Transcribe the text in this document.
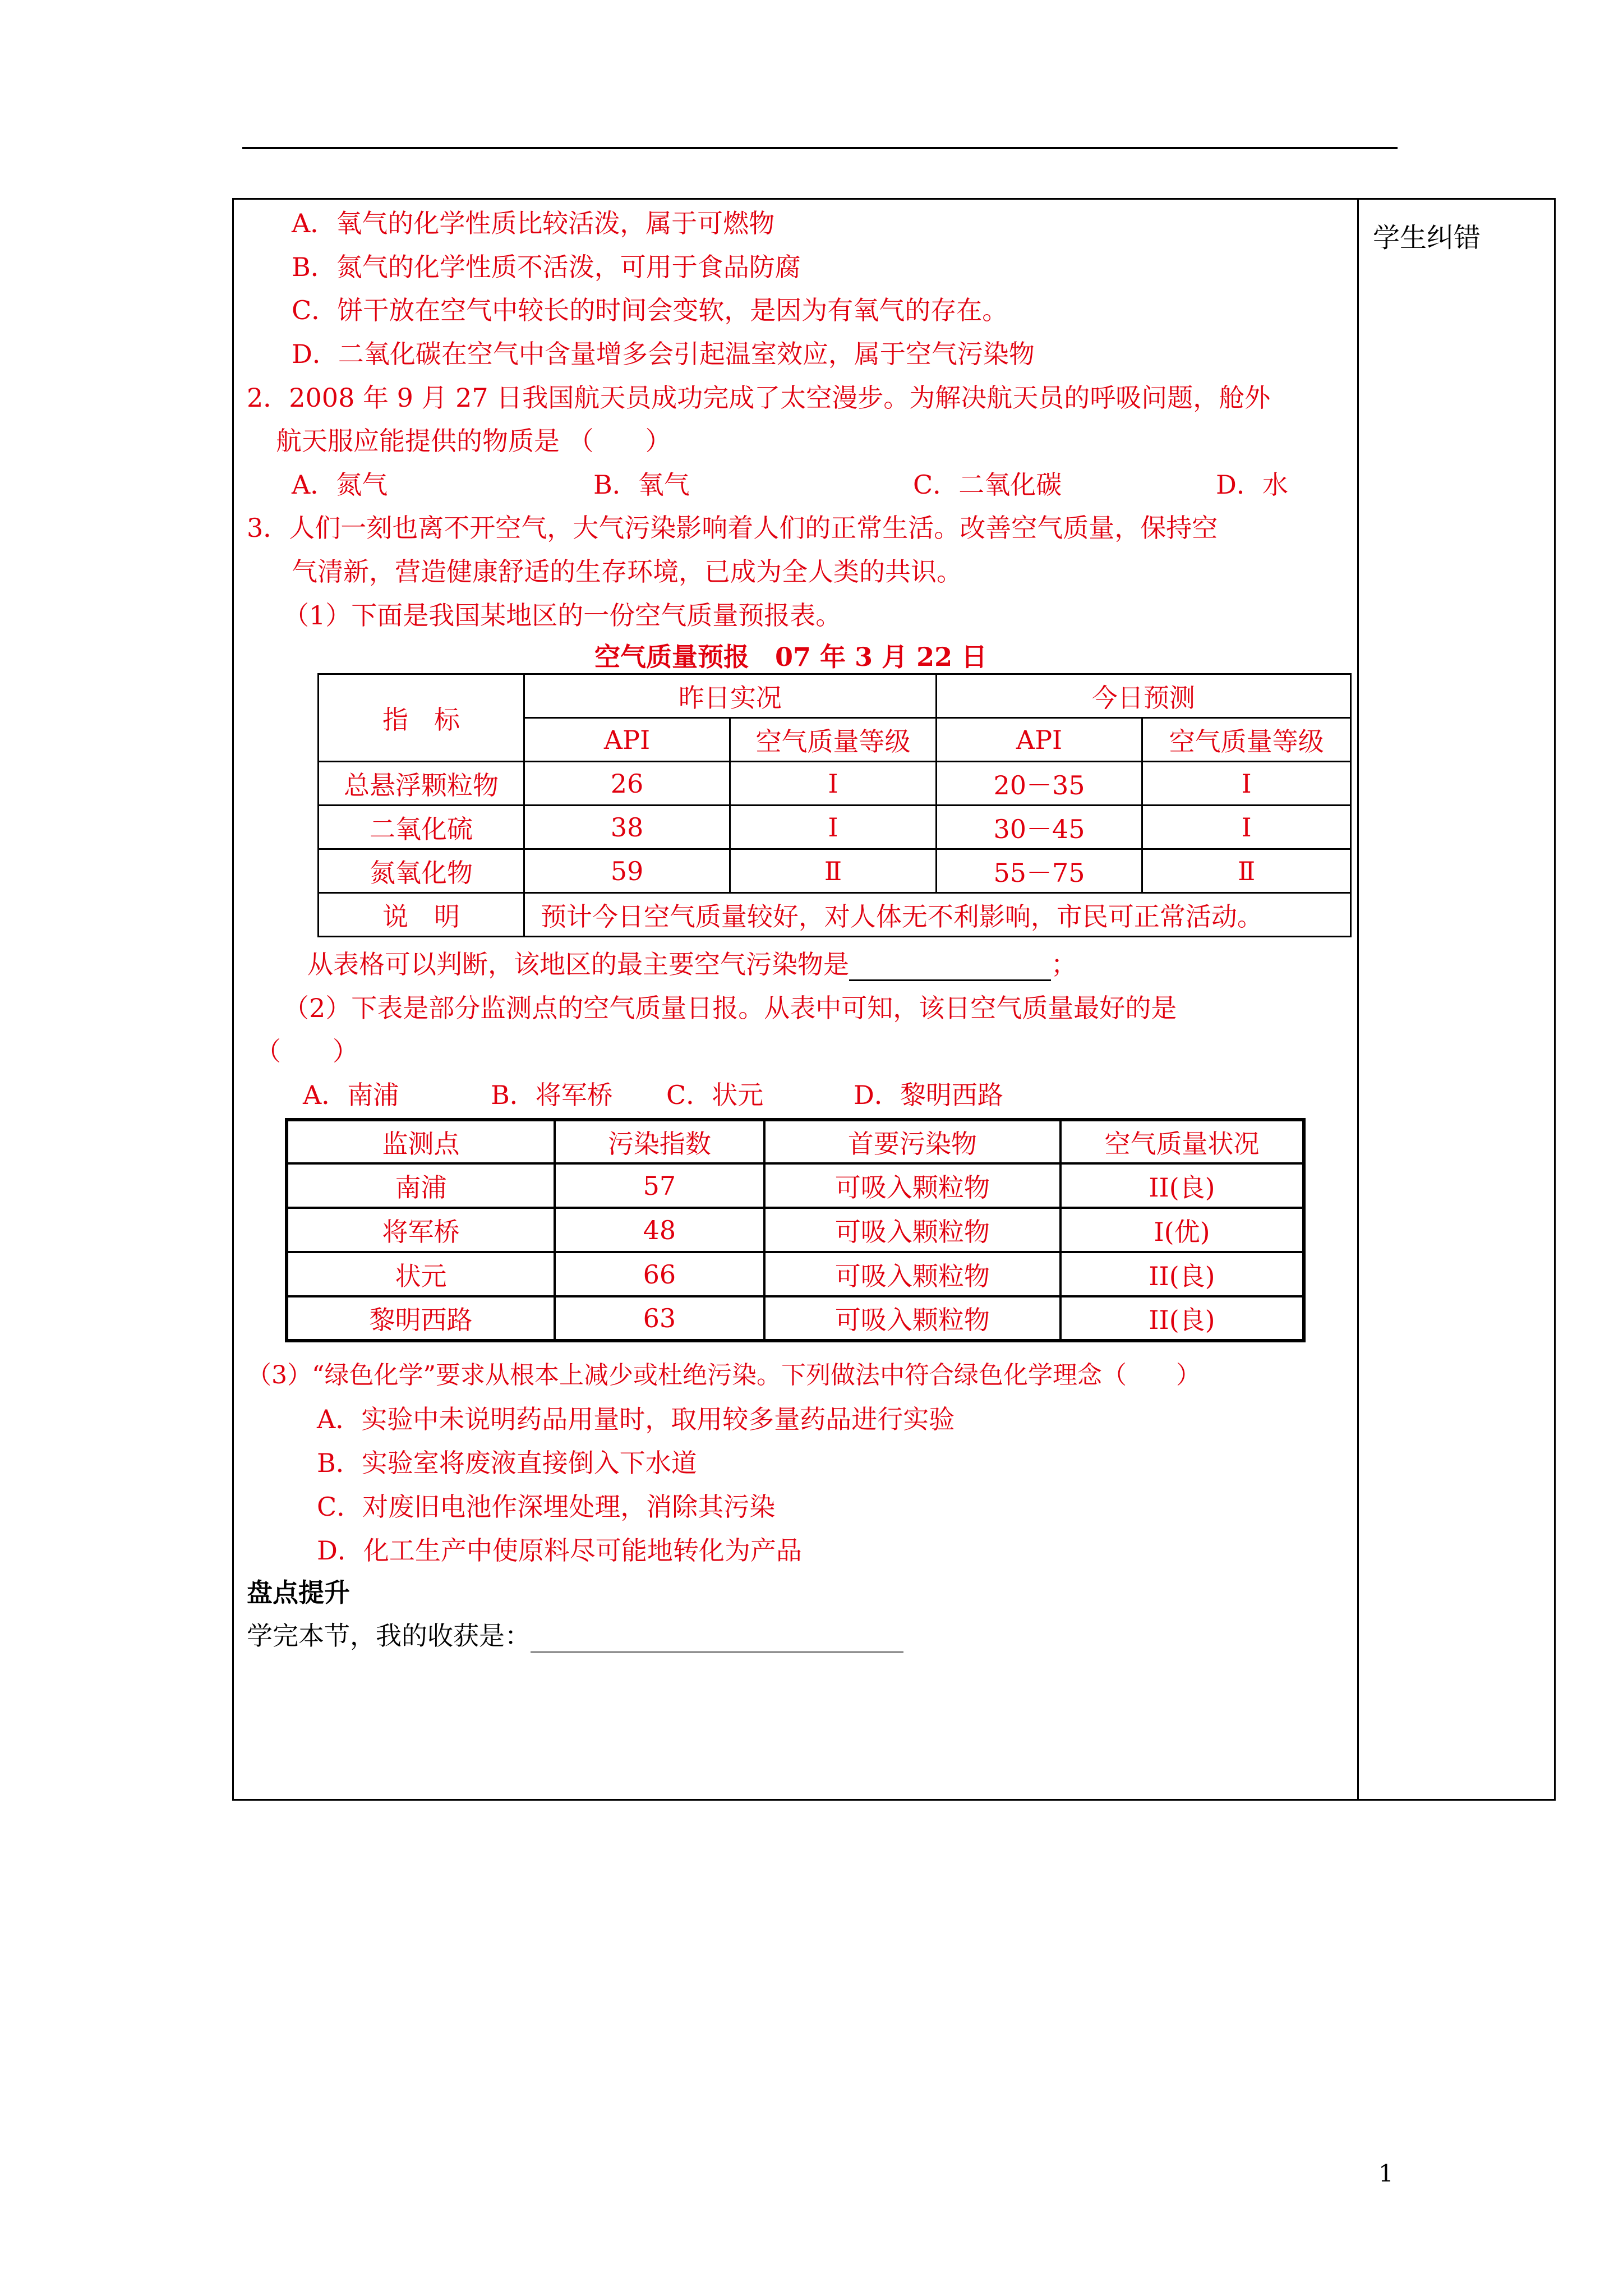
学生纠错
A．氧气的化学性质比较活泼，属于可燃物
B．氮气的化学性质不活泼，可用于食品防腐
C．饼干放在空气中较长的时间会变软，是因为有氧气的存在。
D．二氧化碳在空气中含量增多会引起温室效应，属于空气污染物
2．2008 年 9 月 27 日我国航天员成功完成了太空漫步。为解决航天员的呼吸问题，舱外
航天服应能提供的物质是 （　　）
A．氮气	B．氧气	C．二氧化碳	D．水
3．人们一刻也离不开空气，大气污染影响着人们的正常生活。改善空气质量，保持空
气清新，营造健康舒适的生存环境，已成为全人类的共识。
（1）下面是我国某地区的一份空气质量预报表。
空气质量预报　07 年 3 月 22 日
指　标	昨日实况		今日预测	
	API	空气质量等级	API	空气质量等级
总悬浮颗粒物	26	Ⅰ	20－35	Ⅰ
二氧化硫	38	Ⅰ	30－45	Ⅰ
氮氧化物	59	Ⅱ	55－75	Ⅱ
说　明	预计今日空气质量较好，对人体无不利影响，市民可正常活动。			
从表格可以判断，该地区的最主要空气污染物是	；
（2）下表是部分监测点的空气质量日报。从表中可知，该日空气质量最好的是
（　　）
A．南浦	B．将军桥 C．状元	D．黎明西路
监测点	污染指数	首要污染物	空气质量状况
南浦	57	可吸入颗粒物	II(良)
将军桥	48	可吸入颗粒物	I(优)
状元	66	可吸入颗粒物	II(良)
黎明西路	63	可吸入颗粒物	II(良)
（3）“绿色化学”要求从根本上减少或杜绝污染。下列做法中符合绿色化学理念（　　）
A．实验中未说明药品用量时，取用较多量药品进行实验
B．实验室将废液直接倒入下水道
C．对废旧电池作深埋处理，消除其污染
D．化工生产中使原料尽可能地转化为产品
盘点提升
学完本节，我的收获是：
1
